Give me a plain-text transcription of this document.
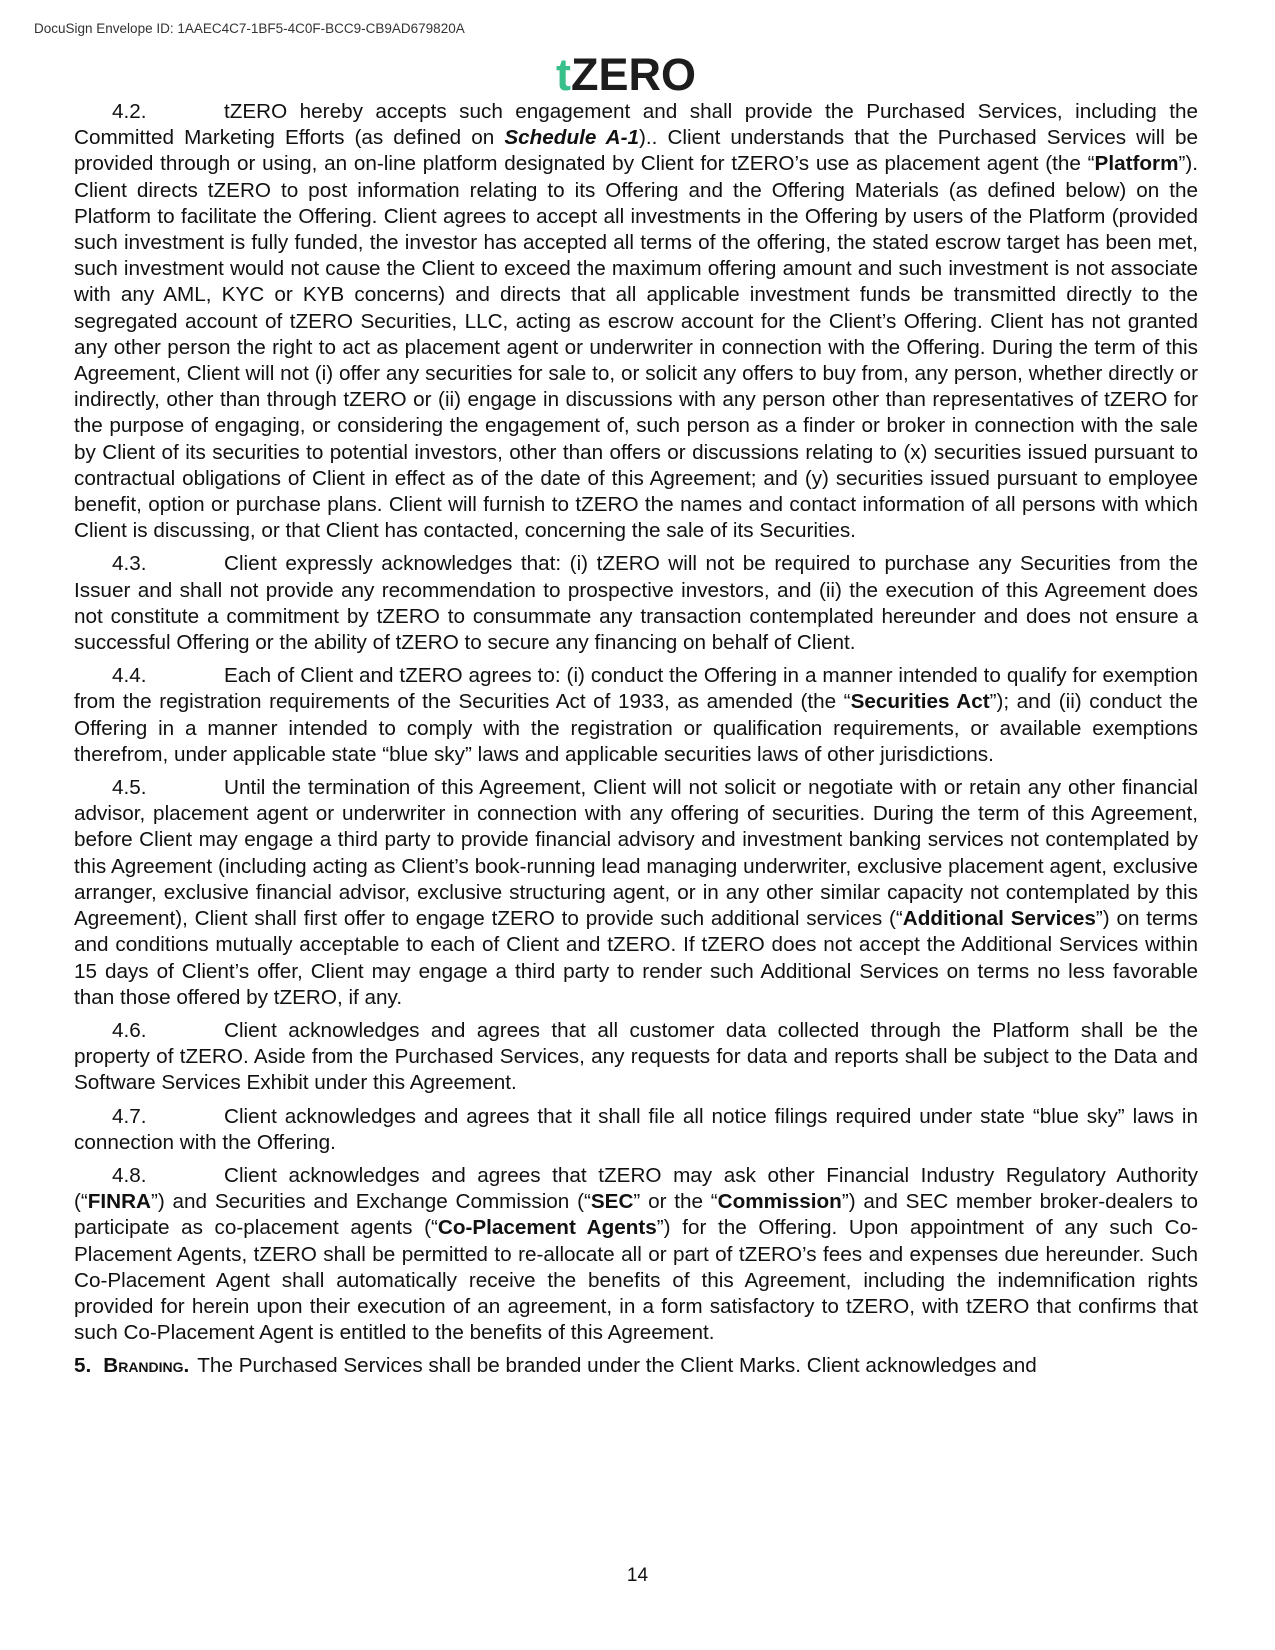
DocuSign Envelope ID: 1AAEC4C7-1BF5-4C0F-BCC9-CB9AD679820A
tZERO

4.2.	tZERO hereby accepts such engagement and shall provide the Purchased Services, including the Committed Marketing Efforts (as defined on Schedule A-1).. Client understands that the Purchased Services will be provided through or using, an on-line platform designated by Client for tZERO’s use as placement agent (the “Platform”). Client directs tZERO to post information relating to its Offering and the Offering Materials (as defined below) on the Platform to facilitate the Offering. Client agrees to accept all investments in the Offering by users of the Platform (provided such investment is fully funded, the investor has accepted all terms of the offering, the stated escrow target has been met, such investment would not cause the Client to exceed the maximum offering amount and such investment is not associate with any AML, KYC or KYB concerns) and directs that all applicable investment funds be transmitted directly to the segregated account of tZERO Securities, LLC, acting as escrow account for the Client’s Offering. Client has not granted any other person the right to act as placement agent or underwriter in connection with the Offering. During the term of this Agreement, Client will not (i) offer any securities for sale to, or solicit any offers to buy from, any person, whether directly or indirectly, other than through tZERO or (ii) engage in discussions with any person other than representatives of tZERO for the purpose of engaging, or considering the engagement of, such person as a finder or broker in connection with the sale by Client of its securities to potential investors, other than offers or discussions relating to (x) securities issued pursuant to contractual obligations of Client in effect as of the date of this Agreement; and (y) securities issued pursuant to employee benefit, option or purchase plans. Client will furnish to tZERO the names and contact information of all persons with which Client is discussing, or that Client has contacted, concerning the sale of its Securities.

4.3.	Client expressly acknowledges that: (i) tZERO will not be required to purchase any Securities from the Issuer and shall not provide any recommendation to prospective investors, and (ii) the execution of this Agreement does not constitute a commitment by tZERO to consummate any transaction contemplated hereunder and does not ensure a successful Offering or the ability of tZERO to secure any financing on behalf of Client.

4.4.	Each of Client and tZERO agrees to: (i) conduct the Offering in a manner intended to qualify for exemption from the registration requirements of the Securities Act of 1933, as amended (the “Securities Act”); and (ii) conduct the Offering in a manner intended to comply with the registration or qualification requirements, or available exemptions therefrom, under applicable state “blue sky” laws and applicable securities laws of other jurisdictions.

4.5.	Until the termination of this Agreement, Client will not solicit or negotiate with or retain any other financial advisor, placement agent or underwriter in connection with any offering of securities. During the term of this Agreement, before Client may engage a third party to provide financial advisory and investment banking services not contemplated by this Agreement (including acting as Client’s book-running lead managing underwriter, exclusive placement agent, exclusive arranger, exclusive financial advisor, exclusive structuring agent, or in any other similar capacity not contemplated by this Agreement), Client shall first offer to engage tZERO to provide such additional services (“Additional Services”) on terms and conditions mutually acceptable to each of Client and tZERO. If tZERO does not accept the Additional Services within 15 days of Client’s offer, Client may engage a third party to render such Additional Services on terms no less favorable than those offered by tZERO, if any.

4.6.	Client acknowledges and agrees that all customer data collected through the Platform shall be the property of tZERO. Aside from the Purchased Services, any requests for data and reports shall be subject to the Data and Software Services Exhibit under this Agreement.

4.7.	Client acknowledges and agrees that it shall file all notice filings required under state “blue sky” laws in connection with the Offering.

4.8.	Client acknowledges and agrees that tZERO may ask other Financial Industry Regulatory Authority (“FINRA”) and Securities and Exchange Commission (“SEC” or the “Commission”) and SEC member broker-dealers to participate as co-placement agents (“Co-Placement Agents”) for the Offering. Upon appointment of any such Co-Placement Agents, tZERO shall be permitted to re-allocate all or part of tZERO’s fees and expenses due hereunder. Such Co-Placement Agent shall automatically receive the benefits of this Agreement, including the indemnification rights provided for herein upon their execution of an agreement, in a form satisfactory to tZERO, with tZERO that confirms that such Co-Placement Agent is entitled to the benefits of this Agreement.

5. Branding. The Purchased Services shall be branded under the Client Marks. Client acknowledges and

14
